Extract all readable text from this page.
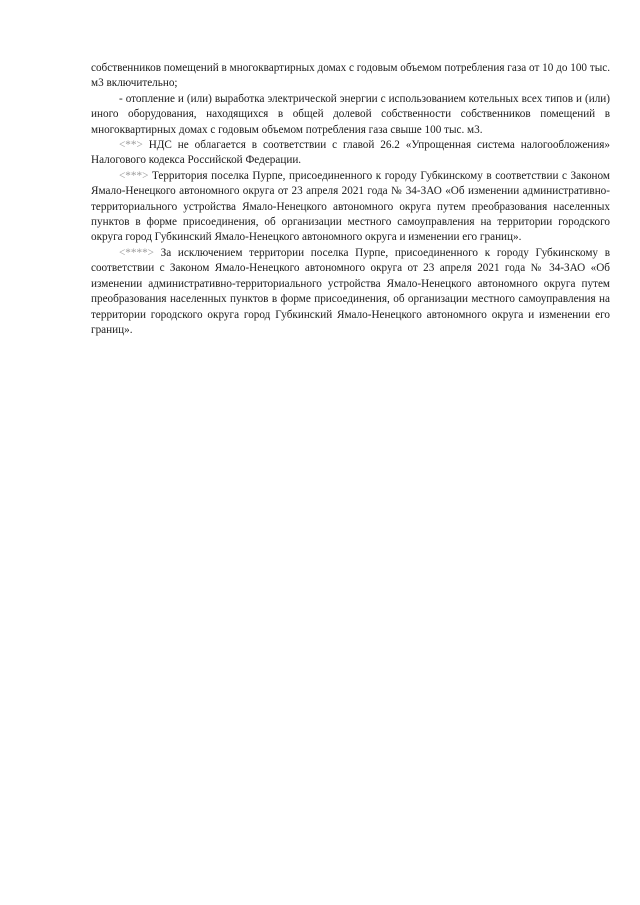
собственников помещений в многоквартирных домах с годовым объемом потребления газа от 10 до 100 тыс. м3 включительно;

- отопление и (или) выработка электрической энергии с использованием котельных всех типов и (или) иного оборудования, находящихся в общей долевой собственности собственников помещений в многоквартирных домах с годовым объемом потребления газа свыше 100 тыс. м3.

<**> НДС не облагается в соответствии с главой 26.2 «Упрощенная система налогообложения» Налогового кодекса Российской Федерации.

<***> Территория поселка Пурпе, присоединенного к городу Губкинскому в соответствии с Законом Ямало-Ненецкого автономного округа от 23 апреля 2021 года № 34-ЗАО «Об изменении административно-территориального устройства Ямало-Ненецкого автономного округа путем преобразования населенных пунктов в форме присоединения, об организации местного самоуправления на территории городского округа город Губкинский Ямало-Ненецкого автономного округа и изменении его границ».

<****> За исключением территории поселка Пурпе, присоединенного к городу Губкинскому в соответствии с Законом Ямало-Ненецкого автономного округа от 23 апреля 2021 года № 34-ЗАО «Об изменении административно-территориального устройства Ямало-Ненецкого автономного округа путем преобразования населенных пунктов в форме присоединения, об организации местного самоуправления на территории городского округа город Губкинский Ямало-Ненецкого автономного округа и изменении его границ».
